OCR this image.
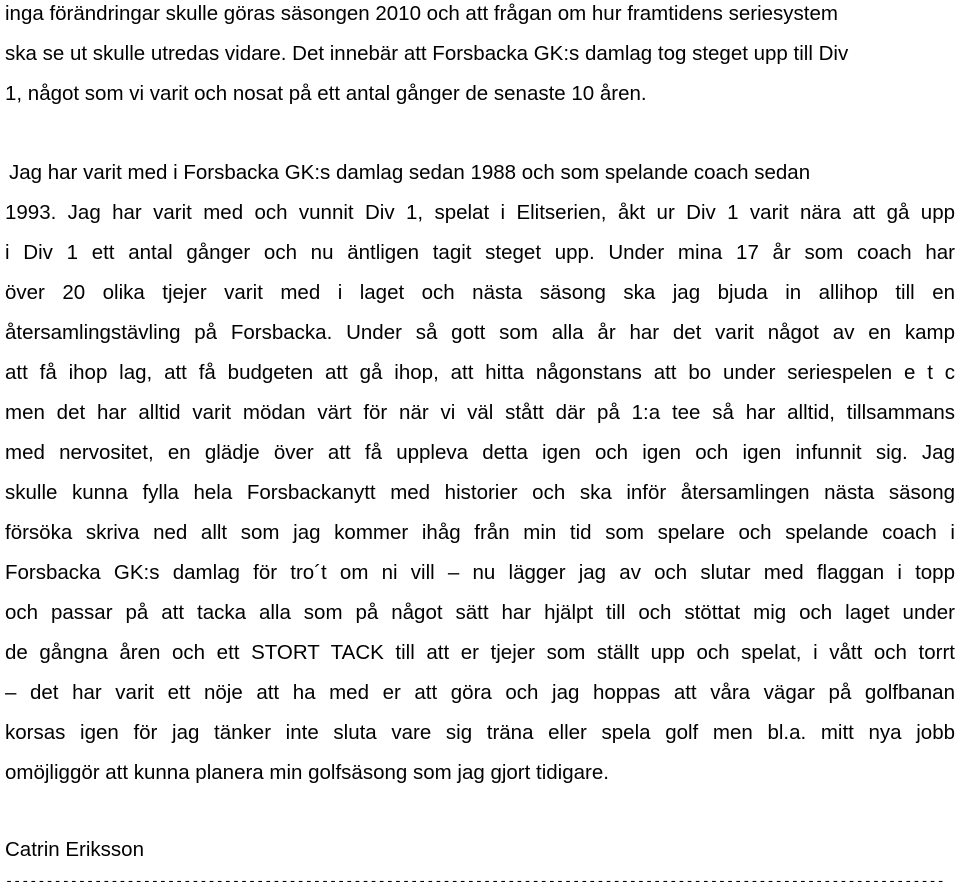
inga förändringar skulle göras säsongen 2010 och att frågan om hur framtidens seriesystem
ska se ut skulle utredas vidare. Det innebär att Forsbacka GK:s damlag tog steget upp till Div
1, något som vi varit och nosat på ett antal gånger de senaste 10 åren.
Jag har varit med i Forsbacka GK:s damlag sedan 1988 och som spelande coach sedan
1993. Jag har varit med och vunnit Div 1, spelat i Elitserien, åkt ur Div 1 varit nära att gå upp
i Div 1 ett antal gånger och nu äntligen tagit steget upp. Under mina 17 år som coach har
över 20 olika tjejer varit med i laget och nästa säsong ska jag bjuda in allihop till en
återsamlingstävling på Forsbacka. Under så gott som alla år har det varit något av en kamp
att få ihop lag, att få budgeten att gå ihop, att hitta någonstans att bo under seriespelen e t c
men det har alltid varit mödan värt för när vi väl stått där på 1:a tee så har alltid, tillsammans
med nervositet, en glädje över att få uppleva detta igen och igen och igen infunnit sig. Jag
skulle kunna fylla hela Forsbackanytt med historier och ska inför återsamlingen nästa säsong
försöka skriva ned allt som jag kommer ihåg från min tid som spelare och spelande coach i
Forsbacka GK:s damlag för tro´t om ni vill – nu lägger jag av och slutar med flaggan i topp
och passar på att tacka alla som på något sätt har hjälpt till och stöttat mig och laget under
de gångna åren och ett STORT TACK till att er tjejer som ställt upp och spelat, i vått och torrt
– det har varit ett nöje att ha med er att göra och jag hoppas att våra vägar på golfbanan
korsas igen för jag tänker inte sluta vare sig träna eller spela golf men bl.a. mitt nya jobb
omöjliggör att kunna planera min golfsäsong som jag gjort tidigare.
Catrin Eriksson
--------------------------------------------------------------------------------------------------------------------
